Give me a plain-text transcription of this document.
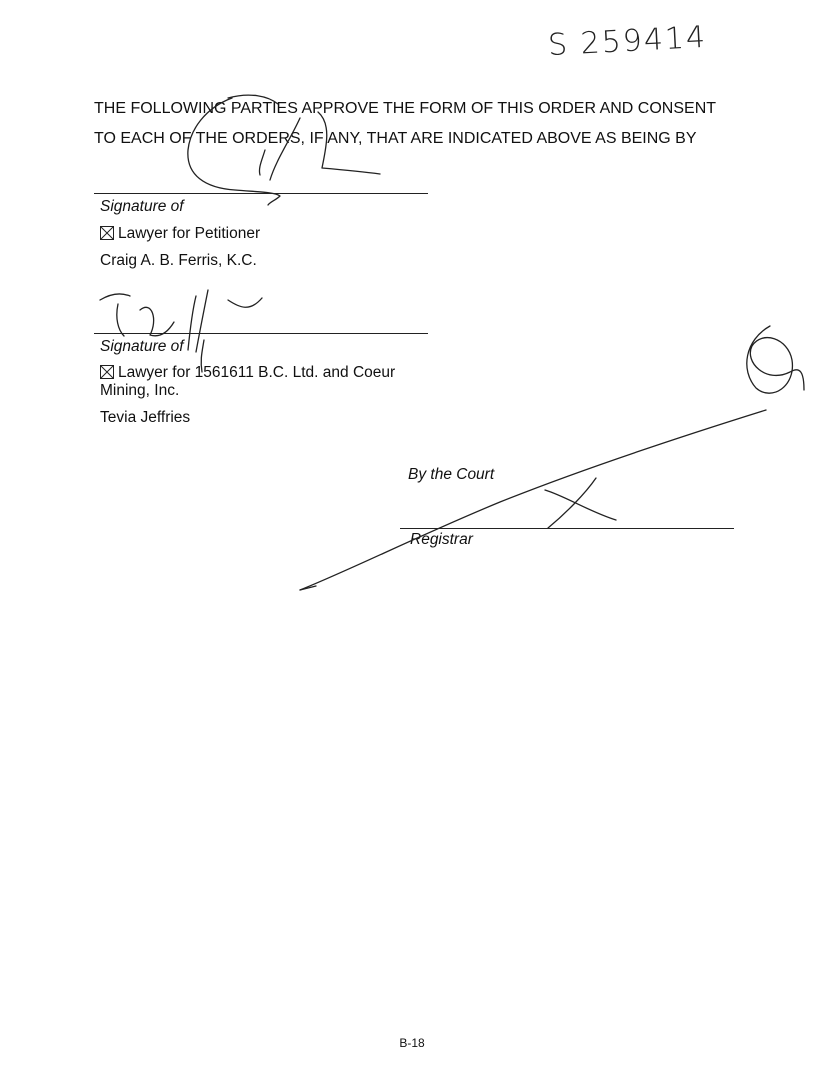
S 259414
THE FOLLOWING PARTIES APPROVE THE FORM OF THIS ORDER AND CONSENT
TO EACH OF THE ORDERS, IF ANY, THAT ARE INDICATED ABOVE AS BEING BY
Signature of
Lawyer for Petitioner
Craig A. B. Ferris, K.C.
Signature of
Lawyer for 1561611 B.C. Ltd. and Coeur
Mining, Inc.
Tevia Jeffries
By the Court
Registrar
B-18
